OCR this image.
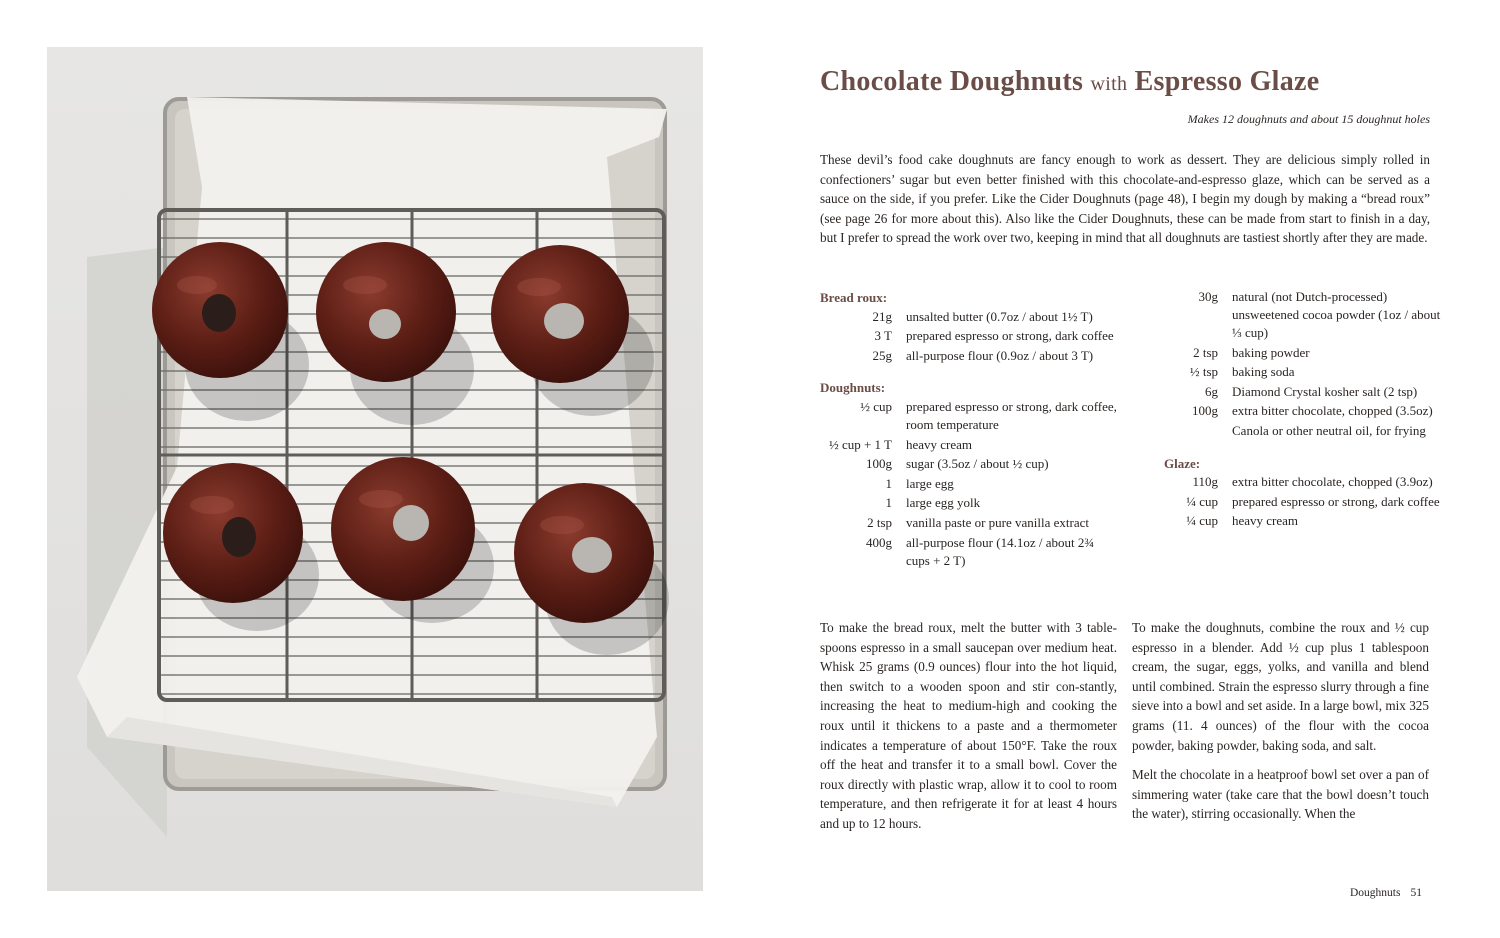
Chocolate Doughnuts with Espresso Glaze
Makes 12 doughnuts and about 15 doughnut holes

These devil’s food cake doughnuts are fancy enough to work as dessert. They are delicious simply rolled in confectioners’ sugar but even better finished with this chocolate-and-espresso glaze, which can be served as a sauce on the side, if you prefer. Like the Cider Doughnuts (page 48), I begin my dough by making a “bread roux” (see page 26 for more about this). Also like the Cider Doughnuts, these can be made from start to finish in a day, but I prefer to spread the work over two, keeping in mind that all doughnuts are tastiest shortly after they are made.

Bread roux:
21g unsalted butter (0.7oz / about 1½ T)
3 T prepared espresso or strong, dark coffee
25g all-purpose flour (0.9oz / about 3 T)
Doughnuts:
½ cup prepared espresso or strong, dark coffee, room temperature
½ cup + 1 T heavy cream
100g sugar (3.5oz / about ½ cup)
1 large egg
1 large egg yolk
2 tsp vanilla paste or pure vanilla extract
400g all-purpose flour (14.1oz / about 2¾ cups + 2 T)
30g natural (not Dutch-processed) unsweetened cocoa powder (1oz / about ⅓ cup)
2 tsp baking powder
½ tsp baking soda
6g Diamond Crystal kosher salt (2 tsp)
100g extra bitter chocolate, chopped (3.5oz)
Canola or other neutral oil, for frying
Glaze:
110g extra bitter chocolate, chopped (3.9oz)
¼ cup prepared espresso or strong, dark coffee
¼ cup heavy cream

To make the bread roux, melt the butter with 3 table-spoons espresso in a small saucepan over medium heat. Whisk 25 grams (0.9 ounces) flour into the hot liquid, then switch to a wooden spoon and stir con-stantly, increasing the heat to medium-high and cooking the roux until it thickens to a paste and a thermometer indicates a temperature of about 150°F. Take the roux off the heat and transfer it to a small bowl. Cover the roux directly with plastic wrap, allow it to cool to room temperature, and then refrigerate it for at least 4 hours and up to 12 hours.

To make the doughnuts, combine the roux and ½ cup espresso in a blender. Add ½ cup plus 1 tablespoon cream, the sugar, eggs, yolks, and vanilla and blend until combined. Strain the espresso slurry through a fine sieve into a bowl and set aside. In a large bowl, mix 325 grams (11. 4 ounces) of the flour with the cocoa powder, baking powder, baking soda, and salt.

Melt the chocolate in a heatproof bowl set over a pan of simmering water (take care that the bowl doesn’t touch the water), stirring occasionally. When the

Doughnuts 51
